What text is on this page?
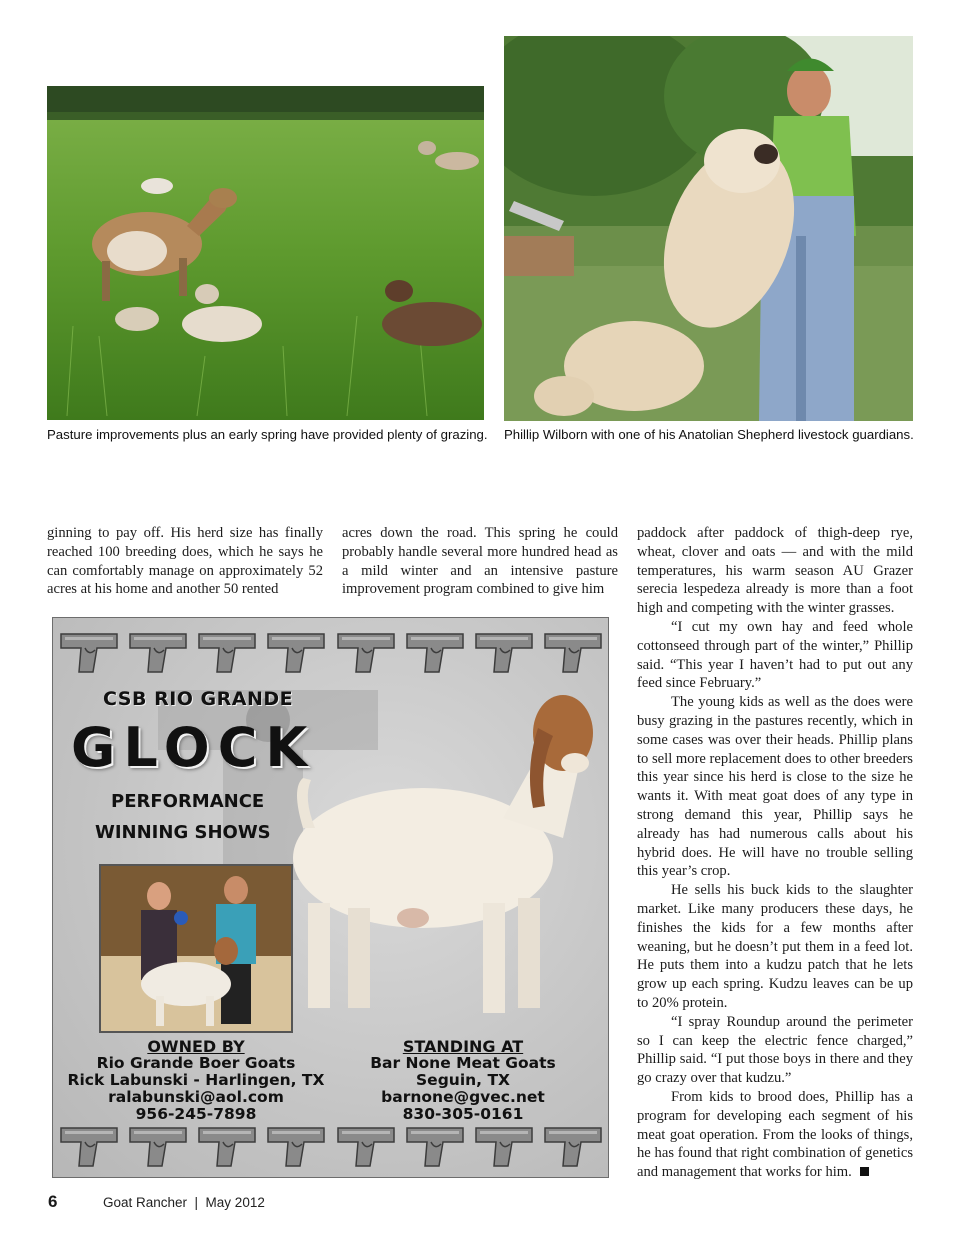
Pasture improvements plus an early spring have provided plenty of grazing. Phillip Wilborn with one of his Anatolian Shepherd livestock guardians.

ginning to pay off. His herd size has finally reached 100 breeding does, which he says he can comfortably manage on approximately 52 acres at his home and another 50 rented

acres down the road. This spring he could probably handle several more hundred head as a mild winter and an intensive pasture improvement program combined to give him

paddock after paddock of thigh-deep rye, wheat, clover and oats — and with the mild temperatures, his warm season AU Grazer serecia lespedeza already is more than a foot high and competing with the winter grasses.

“I cut my own hay and feed whole cottonseed through part of the winter,” Phillip said. “This year I haven’t had to put out any feed since February.”

The young kids as well as the does were busy grazing in the pastures recently, which in some cases was over their heads. Phillip plans to sell more replacement does to other breeders this year since his herd is close to the size he wants it. With meat goat does of any type in strong demand this year, Phillip says he already has had numerous calls about his hybrid does. He will have no trouble selling this year’s crop.

He sells his buck kids to the slaughter market. Like many producers these days, he finishes the kids for a few months after weaning, but he doesn’t put them in a feed lot. He puts them into a kudzu patch that he lets grow up each spring. Kudzu leaves can be up to 20% protein.

“I spray Roundup around the perimeter so I can keep the electric fence charged,” Phillip said. “I put those boys in there and they go crazy over that kudzu.”

From kids to brood does, Phillip has a program for developing each segment of his meat goat operation. From the looks of things, he has found that right combination of genetics and management that works for him.

CSB RIO GRANDE
GLOCK
PERFORMANCE
WINNING SHOWS
OWNED BY
Rio Grande Boer Goats
Rick Labunski - Harlingen, TX
ralabunski@aol.com
956-245-7898
STANDING AT
Bar None Meat Goats
Seguin, TX
barnone@gvec.net
830-305-0161
6	Goat Rancher  |  May 2012
